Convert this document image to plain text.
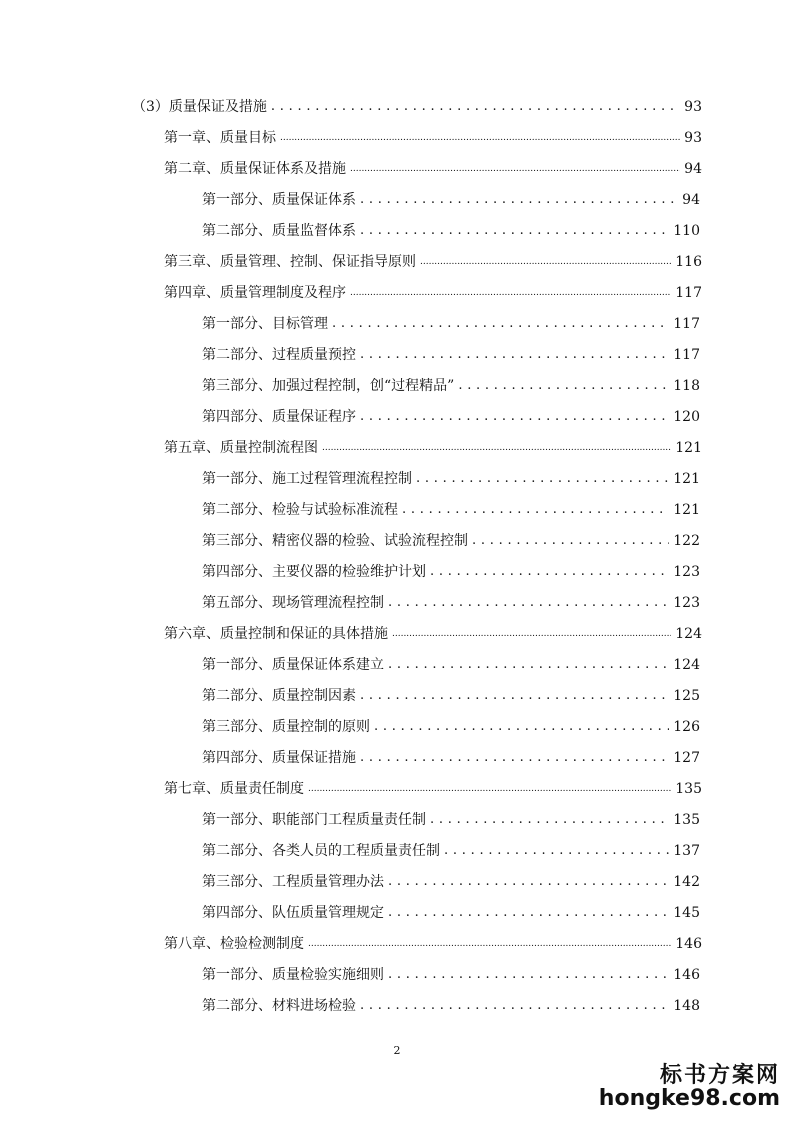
（3）质量保证及措施 . . .	93
第一章、质量目标 .....	93
第二章、质量保证体系及措施 .....	94
第一部分、质量保证体系 . . .	94
第二部分、质量监督体系 . . .	110
第三章、质量管理、控制、保证指导原则 .....	116
第四章、质量管理制度及程序 .....	117
第一部分、目标管理 . . .	117
第二部分、过程质量预控 . . .	117
第三部分、加强过程控制，创“过程精品” . . .	118
第四部分、质量保证程序 . . .	120
第五章、质量控制流程图 .....	121
第一部分、施工过程管理流程控制 . . .	121
第二部分、检验与试验标准流程 . . .	121
第三部分、精密仪器的检验、试验流程控制 . . .	122
第四部分、主要仪器的检验维护计划 . . .	123
第五部分、现场管理流程控制 . . .	123
第六章、质量控制和保证的具体措施 .....	124
第一部分、质量保证体系建立 . . .	124
第二部分、质量控制因素 . . .	125
第三部分、质量控制的原则 . . .	126
第四部分、质量保证措施 . . .	127
第七章、质量责任制度 .....	135
第一部分、职能部门工程质量责任制 . . .	135
第二部分、各类人员的工程质量责任制 . . .	137
第三部分、工程质量管理办法 . . .	142
第四部分、队伍质量管理规定 . . .	145
第八章、检验检测制度 .....	146
第一部分、质量检验实施细则 . . .	146
第二部分、材料进场检验 . . .	148
2
标书方案网
hongke98.com
